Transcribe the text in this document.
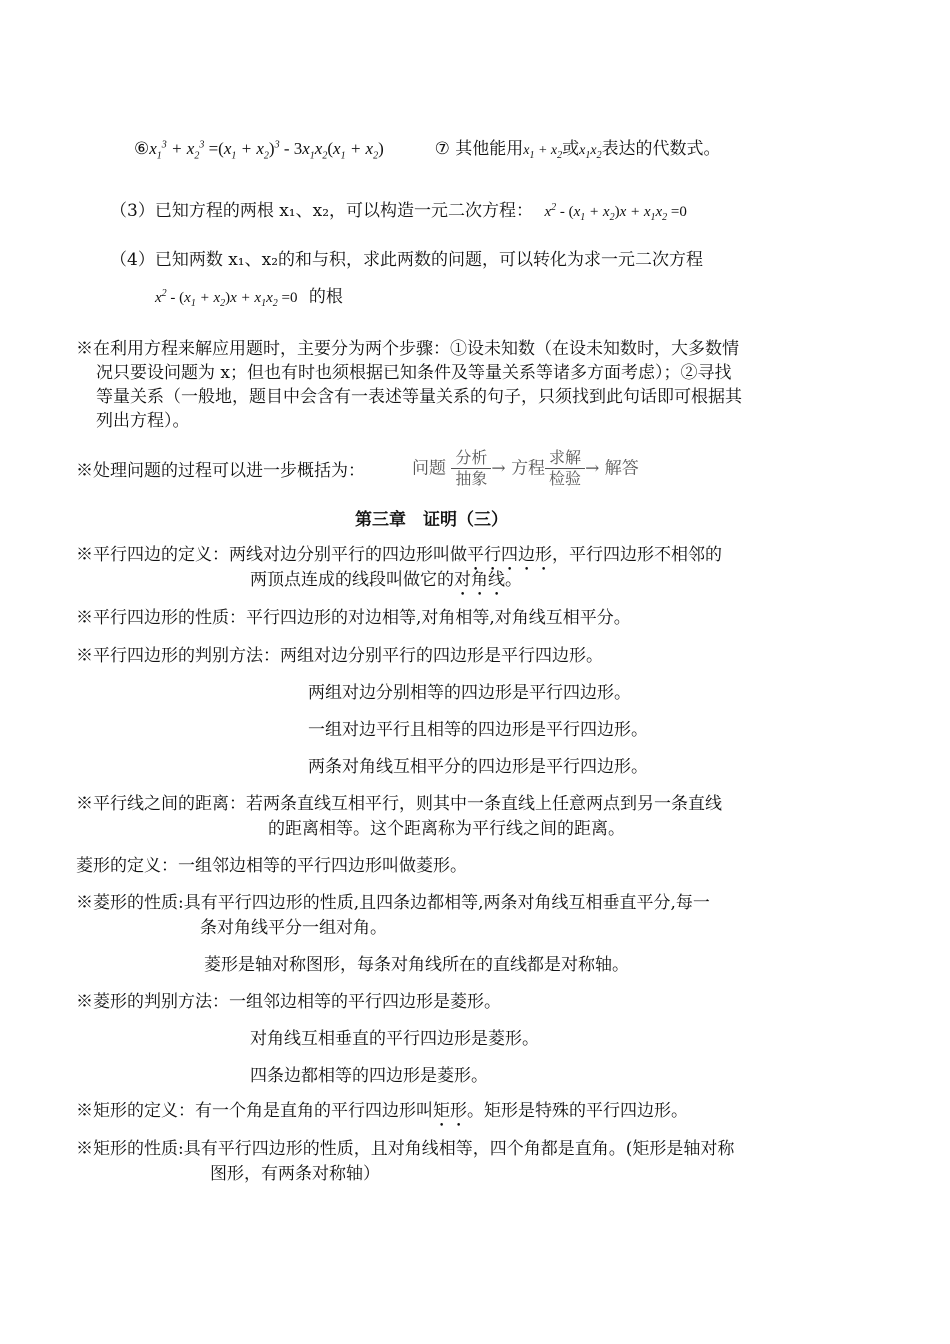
$⑥x_1^3 + x_2^3 =(x_1 + x_2)^3 - 3x_1x_2(x_1 + x_2)$	⑦ 其他能用$x_1 + x_2$或$x_1x_2$表达的代数式。
（3）已知方程的两根 x₁、x₂，可以构造一元二次方程： $x^2 - (x_1 + x_2)x + x_1x_2 =0$
（4）已知两数 x₁、x₂的和与积，求此两数的问题，可以转化为求一元二次方程
$x^2 - (x_1 + x_2)x + x_1x_2 =0$ 的根
※在利用方程来解应用题时，主要分为两个步骤：①设未知数（在设未知数时，大多数情
况只要设问题为 x；但也有时也须根据已知条件及等量关系等诸多方面考虑）；②寻找
等量关系（一般地，题目中会含有一表述等量关系的句子，只须找到此句话即可根据其
列出方程）。
※处理问题的过程可以进一步概括为：	问题 $\frac{\text{分析}}{\text{抽象}}$ → 方程 $\frac{\text{求解}}{\text{检验}}$ → 解答
第三章　证明（三）
※平行四边的定义：两线对边分别平行的四边形叫做平行四边形，平行四边形不相邻的
两顶点连成的线段叫做它的对角线。
※平行四边形的性质：平行四边形的对边相等,对角相等,对角线互相平分。
※平行四边形的判别方法：两组对边分别平行的四边形是平行四边形。
两组对边分别相等的四边形是平行四边形。
一组对边平行且相等的四边形是平行四边形。
两条对角线互相平分的四边形是平行四边形。
※平行线之间的距离：若两条直线互相平行，则其中一条直线上任意两点到另一条直线
的距离相等。这个距离称为平行线之间的距离。
菱形的定义：一组邻边相等的平行四边形叫做菱形。
※菱形的性质:具有平行四边形的性质,且四条边都相等,两条对角线互相垂直平分,每一
条对角线平分一组对角。
菱形是轴对称图形，每条对角线所在的直线都是对称轴。
※菱形的判别方法：一组邻边相等的平行四边形是菱形。
对角线互相垂直的平行四边形是菱形。
四条边都相等的四边形是菱形。
※矩形的定义：有一个角是直角的平行四边形叫矩形。矩形是特殊的平行四边形。
※矩形的性质:具有平行四边形的性质，且对角线相等，四个角都是直角。(矩形是轴对称
图形，有两条对称轴）
